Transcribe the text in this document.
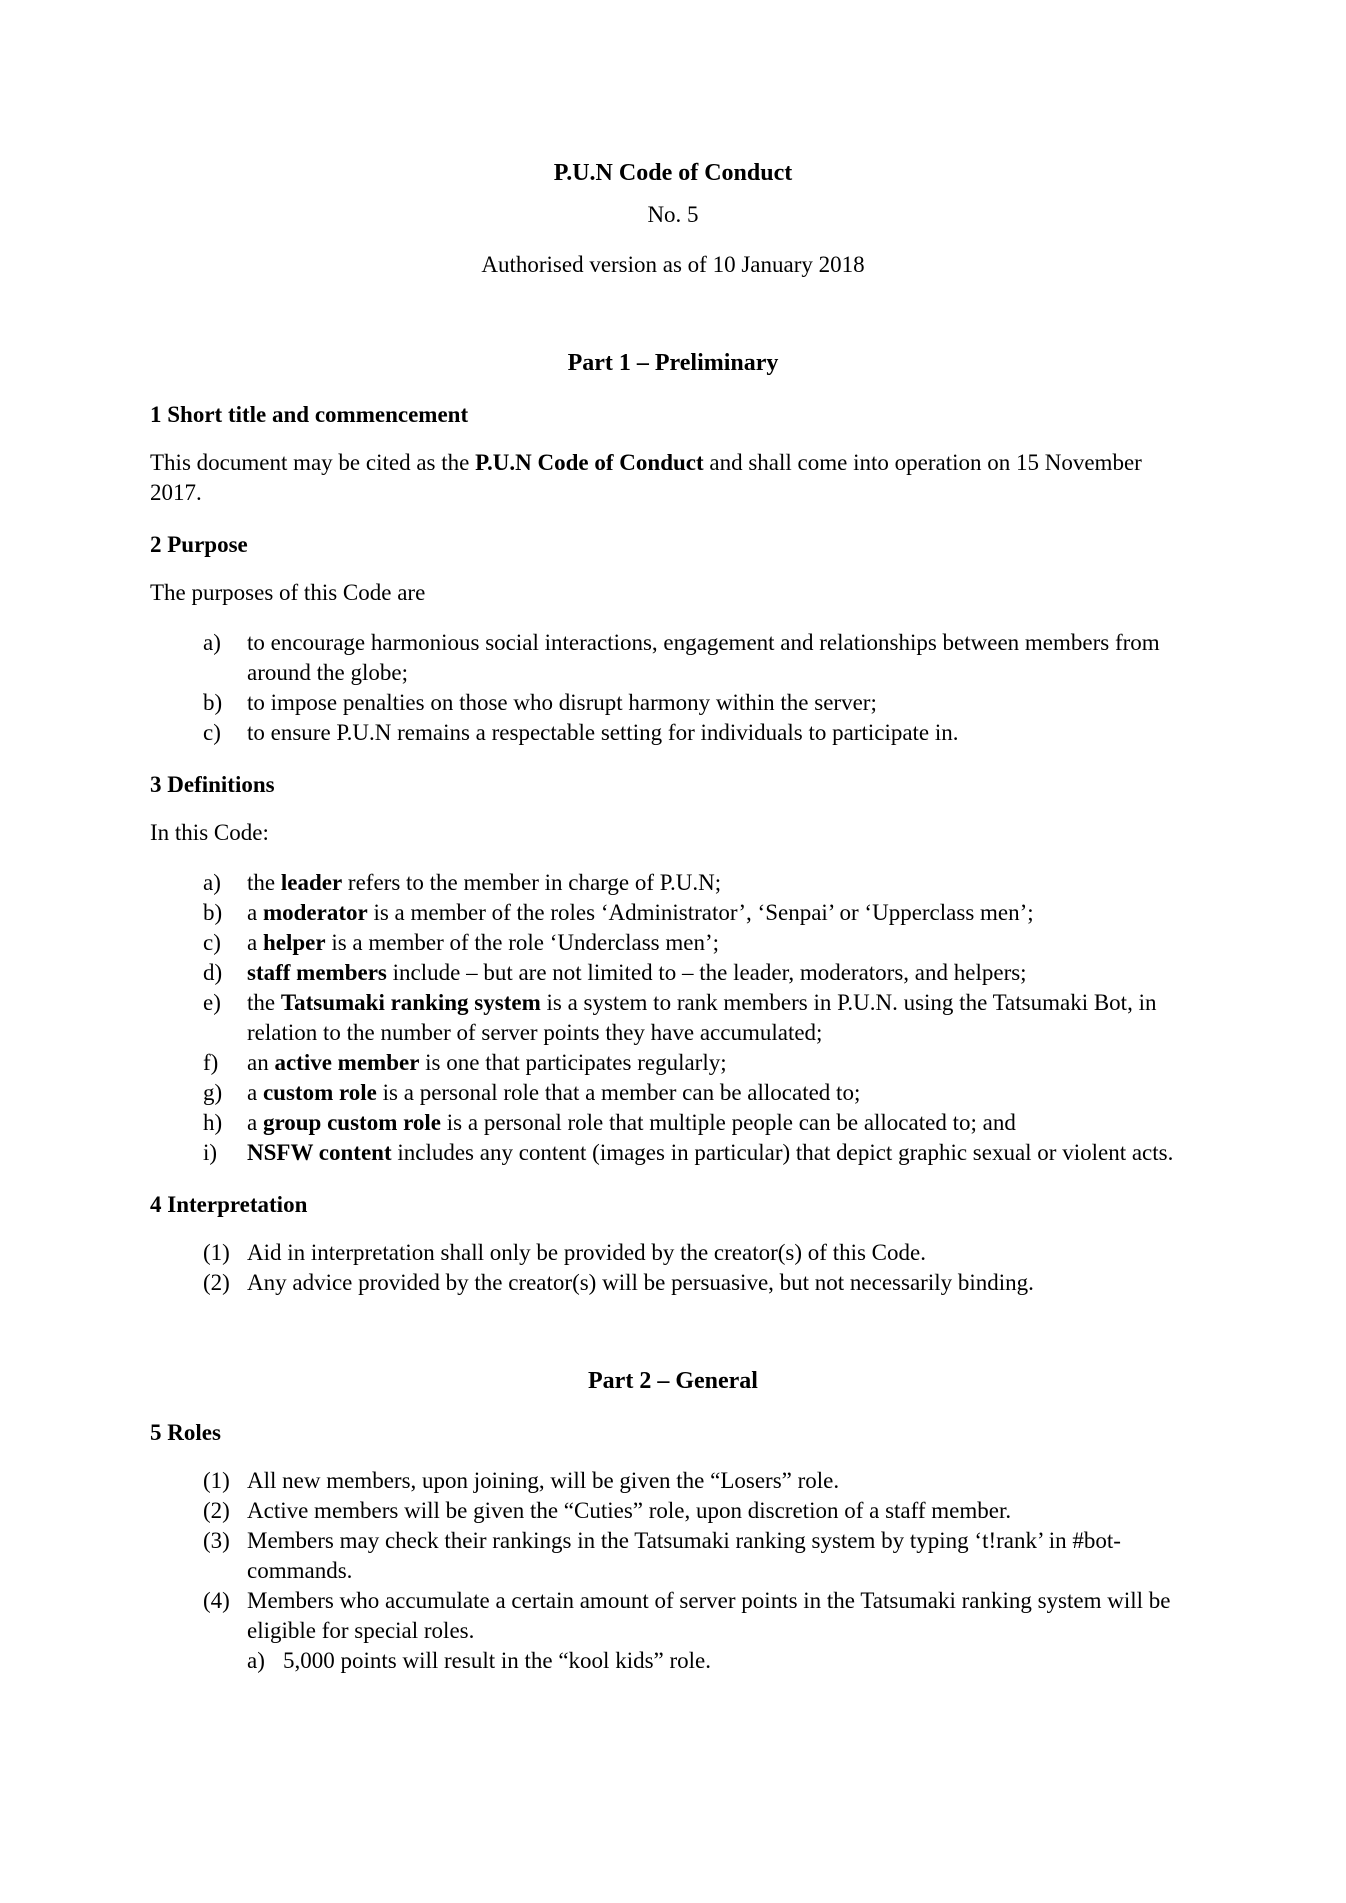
P.U.N Code of Conduct
No. 5
Authorised version as of 10 January 2018
Part 1 – Preliminary
1 Short title and commencement
This document may be cited as the P.U.N Code of Conduct and shall come into operation on 15 November 2017.
2 Purpose
The purposes of this Code are
a)	to encourage harmonious social interactions, engagement and relationships between members from around the globe;
b)	to impose penalties on those who disrupt harmony within the server;
c)	to ensure P.U.N remains a respectable setting for individuals to participate in.
3 Definitions
In this Code:
a)	the leader refers to the member in charge of P.U.N;
b)	a moderator is a member of the roles ‘Administrator’, ‘Senpai’ or ‘Upperclass men’;
c)	a helper is a member of the role ‘Underclass men’;
d)	staff members include – but are not limited to – the leader, moderators, and helpers;
e)	the Tatsumaki ranking system is a system to rank members in P.U.N. using the Tatsumaki Bot, in relation to the number of server points they have accumulated;
f)	an active member is one that participates regularly;
g)	a custom role is a personal role that a member can be allocated to;
h)	a group custom role is a personal role that multiple people can be allocated to; and
i)	NSFW content includes any content (images in particular) that depict graphic sexual or violent acts.
4 Interpretation
(1) Aid in interpretation shall only be provided by the creator(s) of this Code.
(2) Any advice provided by the creator(s) will be persuasive, but not necessarily binding.
Part 2 – General
5 Roles
(1) All new members, upon joining, will be given the “Losers” role.
(2) Active members will be given the “Cuties” role, upon discretion of a staff member.
(3) Members may check their rankings in the Tatsumaki ranking system by typing ‘t!rank’ in #bot-commands.
(4) Members who accumulate a certain amount of server points in the Tatsumaki ranking system will be eligible for special roles.
a) 5,000 points will result in the “kool kids” role.
